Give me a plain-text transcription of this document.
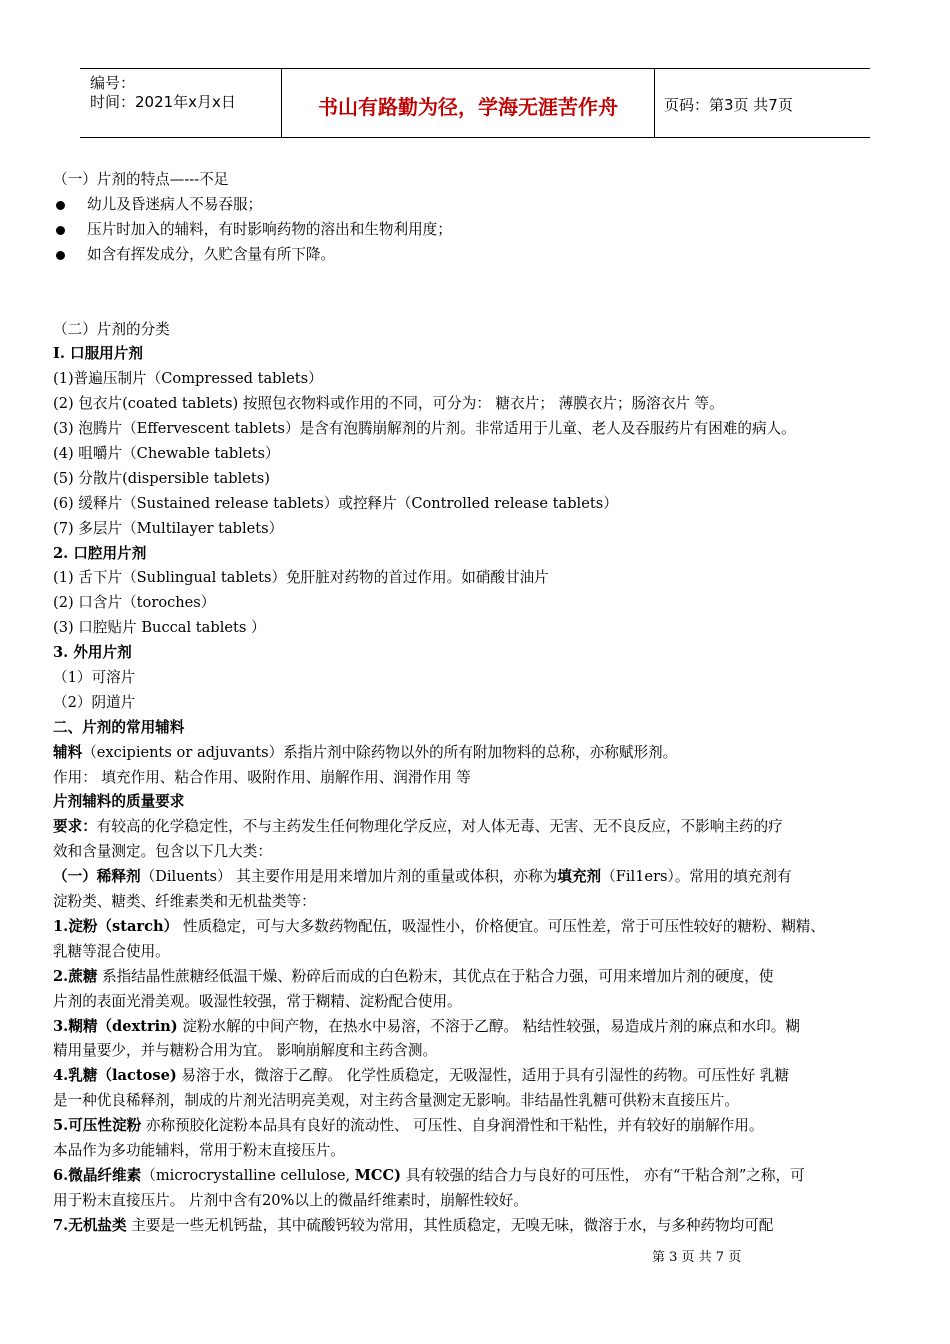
编号：
时间：2021年x月x日	书山有路勤为径，学海无涯苦作舟	页码：第3页 共7页
（一）片剂的特点—---不足
幼儿及昏迷病人不易吞服；
压片时加入的辅料，有时影响药物的溶出和生物利用度；
如含有挥发成分，久贮含量有所下降。
（二）片剂的分类
I. 口服用片剂
(1)普遍压制片（Compressed tablets）
(2) 包衣片(coated tablets) 按照包衣物料或作用的不同，可分为： 糖衣片； 薄膜衣片；肠溶衣片 等。
(3) 泡腾片（Effervescent tablets）是含有泡腾崩解剂的片剂。非常适用于儿童、老人及吞服药片有困难的病人。
(4) 咀嚼片（Chewable tablets）
(5) 分散片(dispersible tablets)
(6) 缓释片（Sustained release tablets）或控释片（Controlled release tablets）
(7) 多层片（Multilayer tablets）
2. 口腔用片剂
(1) 舌下片（Sublingual tablets）免肝脏对药物的首过作用。如硝酸甘油片
(2) 口含片（toroches）
(3) 口腔贴片 Buccal tablets ）
3. 外用片剂
（1）可溶片
（2）阴道片
二、片剂的常用辅料
辅料（excipients or adjuvants）系指片剂中除药物以外的所有附加物料的总称，亦称赋形剂。
作用： 填充作用、粘合作用、吸附作用、崩解作用、润滑作用 等
片剂辅料的质量要求
要求：有较高的化学稳定性，不与主药发生任何物理化学反应，对人体无毒、无害、无不良反应，不影响主药的疗
效和含量测定。包含以下几大类：
（一）稀释剂（Diluents） 其主要作用是用来增加片剂的重量或体积，亦称为填充剂（Fil1ers）。常用的填充剂有
淀粉类、糖类、纤维素类和无机盐类等：
1.淀粉（starch） 性质稳定，可与大多数药物配伍，吸湿性小，价格便宜。可压性差，常于可压性较好的糖粉、糊精、
乳糖等混合使用。
2.蔗糖 系指结晶性蔗糖经低温干燥、粉碎后而成的白色粉末，其优点在于粘合力强，可用来增加片剂的硬度，使
片剂的表面光滑美观。吸湿性较强，常于糊精、淀粉配合使用。
3.糊精（dextrin) 淀粉水解的中间产物，在热水中易溶，不溶于乙醇。 粘结性较强，易造成片剂的麻点和水印。糊
精用量要少，并与糖粉合用为宜。 影响崩解度和主药含测。
4.乳糖（lactose) 易溶于水，微溶于乙醇。 化学性质稳定，无吸湿性，适用于具有引湿性的药物。可压性好 乳糖
是一种优良稀释剂，制成的片剂光洁明亮美观，对主药含量测定无影响。非结晶性乳糖可供粉末直接压片。
5.可压性淀粉 亦称预胶化淀粉本品具有良好的流动性、 可压性、自身润滑性和干粘性，并有较好的崩解作用。
本品作为多功能辅料，常用于粉末直接压片。
6.微晶纤维素（microcrystalline cellulose, MCC) 具有较强的结合力与良好的可压性， 亦有“干粘合剂”之称，可
用于粉末直接压片。 片剂中含有20%以上的微晶纤维素时，崩解性较好。
7.无机盐类 主要是一些无机钙盐，其中硫酸钙较为常用，其性质稳定，无嗅无味，微溶于水，与多种药物均可配
第 3 页 共 7 页
